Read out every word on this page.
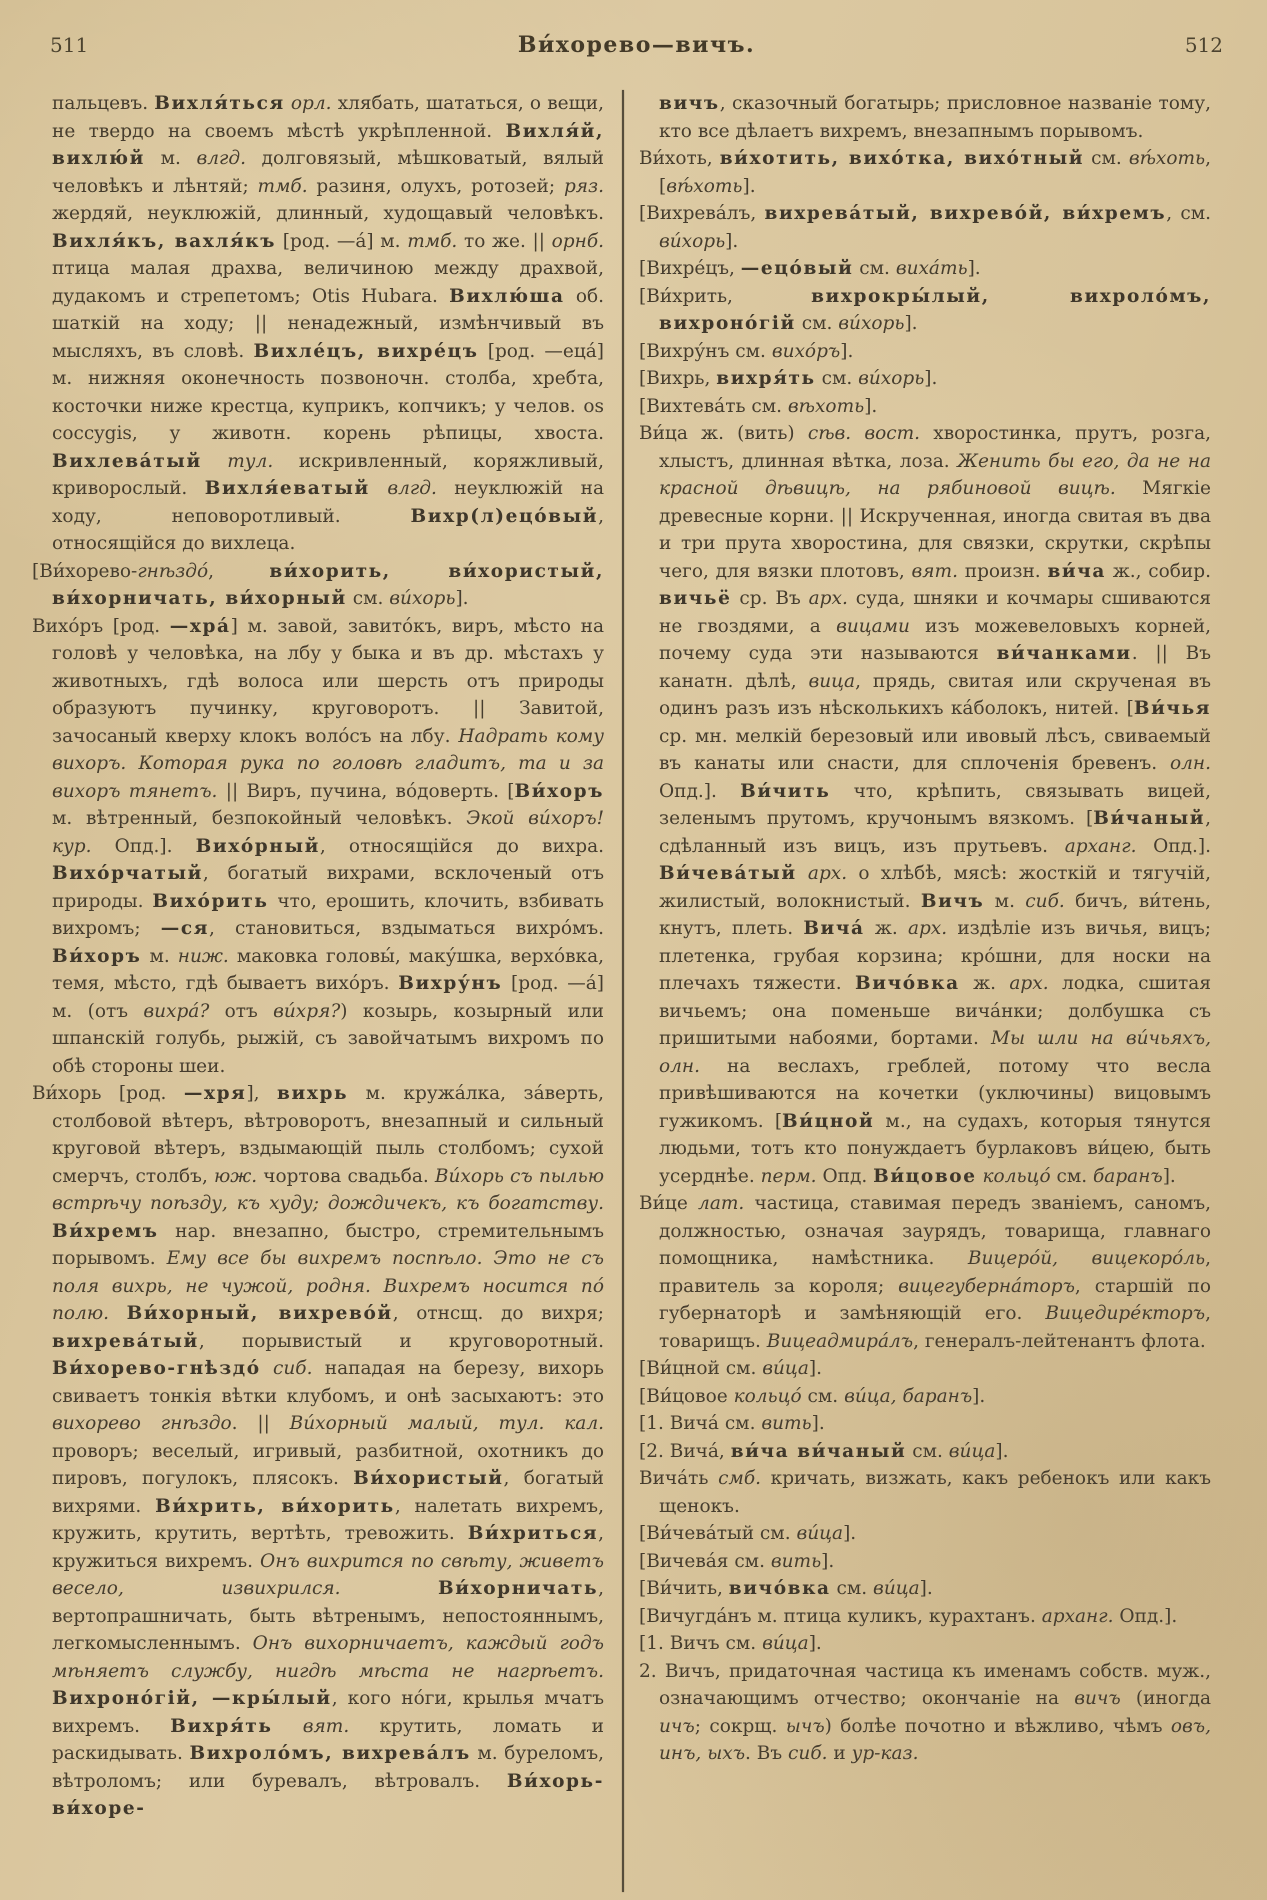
511	Ви́хорево—вичъ.	512

пальцевъ. Вихля́ться орл. хлябать, шататься, о вещи, не твердо на своемъ мѣстѣ укрѣпленной. Вихля́й, вихлю́й м. влгд. долговязый, мѣшковатый, вялый человѣкъ и лѣнтяй; тмб. разиня, олухъ, ротозей; ряз. жердяй, неуклюжій, длинный, худощавый человѣкъ. Вихля́къ, вахля́къ [род. —а́] м. тмб. то же. || орнб. птица малая драхва, величиною между драхвой, дудакомъ и стрепетомъ; Otis Hubara. Вихлю́ша об. шаткій на ходу; || ненадежный, измѣнчивый въ мысляхъ, въ словѣ. Вихле́цъ, вихре́цъ [род. —еца́] м. нижняя оконечность позвоночн. столба, хребта, косточки ниже крестца, куприкъ, копчикъ; у челов. os coccygis, у животн. корень рѣпицы, хвоста. Вихлева́тый тул. искривленный, коряжливый, криворослый. Вихля́еватый влгд. неуклюжій на ходу, неповоротливый. Вихр(л)ецо́вый, относящійся до вихлеца.

[Ви́хорево-гнѣздо́, ви́хорить, ви́хористый, ви́хорничать, ви́хорный см. ви́хорь].

Вихо́ръ [род. —хра́] м. завой, завито́къ, виръ, мѣсто на головѣ у человѣка, на лбу у быка и въ др. мѣстахъ у животныхъ, гдѣ волоса или шерсть отъ природы образуютъ пучинку, круговоротъ. || Завитой, зачосаный кверху клокъ воло́съ на лбу. Надрать кому вихоръ. Которая рука по головѣ гладитъ, та и за вихоръ тянетъ. || Виръ, пучина, во́доверть. [Ви́хоръ м. вѣтренный, безпокойный человѣкъ. Экой ви́хоръ! кур. Опд.]. Вихо́рный, относящійся до вихра. Вихо́рчатый, богатый вихрами, всклоченый отъ природы. Вихо́рить что, ерошить, клочить, взбивать вихромъ; —ся, становиться, вздыматься вихро́мъ. Ви́хоръ м. ниж. маковка головы́, маку́шка, верхо́вка, темя, мѣсто, гдѣ бываетъ вихо́ръ. Вихру́нъ [род. —а́] м. (отъ вихра́? отъ ви́хря?) козырь, козырный или шпанскій голубь, рыжій, съ завойчатымъ вихромъ по обѣ стороны шеи.

Ви́хорь [род. —хря], вихрь м. кружа́лка, за́верть, столбовой вѣтеръ, вѣтроворотъ, внезапный и сильный круговой вѣтеръ, вздымающій пыль столбомъ; сухой смерчъ, столбъ, юж. чортова свадьба. Ви́хорь съ пылью встрѣчу поѣзду, къ худу; дождичекъ, къ богатству. Ви́хремъ нар. внезапно, быстро, стремительнымъ порывомъ. Ему все бы вихремъ поспѣло. Это не съ поля вихрь, не чужой, родня. Вихремъ носится по́ полю. Ви́хорный, вихрево́й, отнсщ. до вихря; вихрева́тый, порывистый и круговоротный. Ви́хорево-гнѣздо́ сиб. нападая на березу, вихорь свиваетъ тонкія вѣтки клубомъ, и онѣ засыхаютъ: это вихорево гнѣздо. || Ви́хорный малый, тул. кал. проворъ; веселый, игривый, разбитной, охотникъ до пировъ, погулокъ, плясокъ. Ви́хористый, богатый вихрями. Ви́хрить, ви́хорить, налетать вихремъ, кружить, крутить, вертѣть, тревожить. Ви́хриться, кружиться вихремъ. Онъ вихрится по свѣту, живетъ весело, извихрился.	Ви́хорничать, вертопрашничать, быть вѣтренымъ, непостояннымъ, легкомысленнымъ. Онъ вихорничаетъ, каждый годъ мѣняетъ службу, нигдѣ мѣста не нагрѣетъ. Вихроно́гій, —кры́лый, кого но́ги, крылья мчатъ вихремъ. Вихря́ть вят. крутить, ломать и раскидывать. Вихроло́мъ, вихрева́лъ м. буреломъ, вѣтроломъ; или буревалъ, вѣтровалъ. Ви́хорь-ви́хоре-

вичъ, сказочный богатырь; присловное названіе тому, кто все дѣлаетъ вихремъ, внезапнымъ порывомъ.

Ви́хоть, ви́хотить, вихо́тка, вихо́тный см. вѣ́хоть, [вѣ́хоть].

[Вихрева́лъ, вихрева́тый, вихрево́й, ви́хремъ, см. ви́хорь].

[Вихре́цъ, —ецо́вый см. виха́ть].

[Ви́хрить, вихрокры́лый, вихроло́мъ, вихроно́гій см. ви́хорь].

[Вихру́нъ см. вихо́ръ].

[Вихрь, вихря́ть см. ви́хорь].

[Вихтева́ть см. вѣхоть].

Ви́ца ж. (вить) сѣв. вост. хворостинка, прутъ, розга, хлыстъ, длинная вѣтка, лоза. Женить бы его, да не на красной дѣвицѣ, на рябиновой вицѣ. Мягкіе древесные корни. || Искрученная, иногда свитая въ два и три прута хворостина, для связки, скрутки, скрѣпы чего, для вязки плотовъ, вят. произн. ви́ча ж., собир. вичьё ср. Въ арх. суда, шняки и кочмары сшиваются не гвоздями, а вицами изъ можевеловыхъ корней, почему суда эти называются ви́чанками. || Въ канатн. дѣлѣ, вица, прядь, свитая или скрученая въ одинъ разъ изъ нѣсколькихъ ка́болокъ, нитей. [Ви́чья ср. мн. мелкій березовый или ивовый лѣсъ, свиваемый въ канаты или снасти, для сплоченія бревенъ. олн. Опд.]. Ви́чить что, крѣпить, связывать вицей, зеленымъ прутомъ, кручонымъ вязкомъ. [Ви́чаный, сдѣланный изъ вицъ, изъ прутьевъ. арханг. Опд.]. Ви́чева́тый арх. о хлѣбѣ, мясѣ: жосткій и тягучій, жилистый, волокнистый. Вичъ м. сиб. бичъ, ви́тень, кнутъ, плеть. Вича́ ж. арх. издѣліе изъ вичья, вицъ; плетенка, грубая корзина; кро́шни, для носки на плечахъ тяжести. Вичо́вка ж. арх. лодка, сшитая вичьемъ; она поменьше вича́нки; долбушка съ пришитыми набоями, бортами. Мы шли на ви́чьяхъ, олн. на веслахъ, греблей, потому что весла привѣшиваются на кочетки (уключины) вицовымъ гужикомъ. [Ви́цной м., на судахъ, которыя тянутся людьми, тотъ кто понуждаетъ бурлаковъ ви́цею, быть усерднѣе. перм. Опд. Ви́цовое кольцо́ см. баранъ].

Ви́це лат. частица, ставимая передъ званіемъ, саномъ, должностью, означая заурядъ, товарища, главнаго помощника, намѣстника. Вицеро́й, вицекоро́ль, правитель за короля; вицегуберна́торъ, старшій по губернаторѣ и замѣняющій его. Вицедире́кторъ, товарищъ. Вицеадмира́лъ, генералъ-лейтенантъ флота.

[Ви́цной см. ви́ца].

[Ви́цовое кольцо́ см. ви́ца, баранъ].

[1. Вича́ см. вить].

[2. Вича́, ви́ча ви́чаный см. ви́ца].

Вича́ть смб. кричать, визжать, какъ ребенокъ или какъ щенокъ.

[Ви́чева́тый см. ви́ца].

[Вичева́я см. вить].

[Ви́чить, вичо́вка см. ви́ца].

[Вичугда́нъ м. птица куликъ, курахтанъ. арханг. Опд.].

[1. Вичъ см. ви́ца].

2. Вичъ, придаточная частица къ именамъ собств. муж., означающимъ отчество; окончаніе на вичъ (иногда ичъ; сокрщ. ычъ) болѣе почотно и вѣжливо, чѣмъ овъ, инъ, ыхъ. Въ сиб. и ур-каз.
